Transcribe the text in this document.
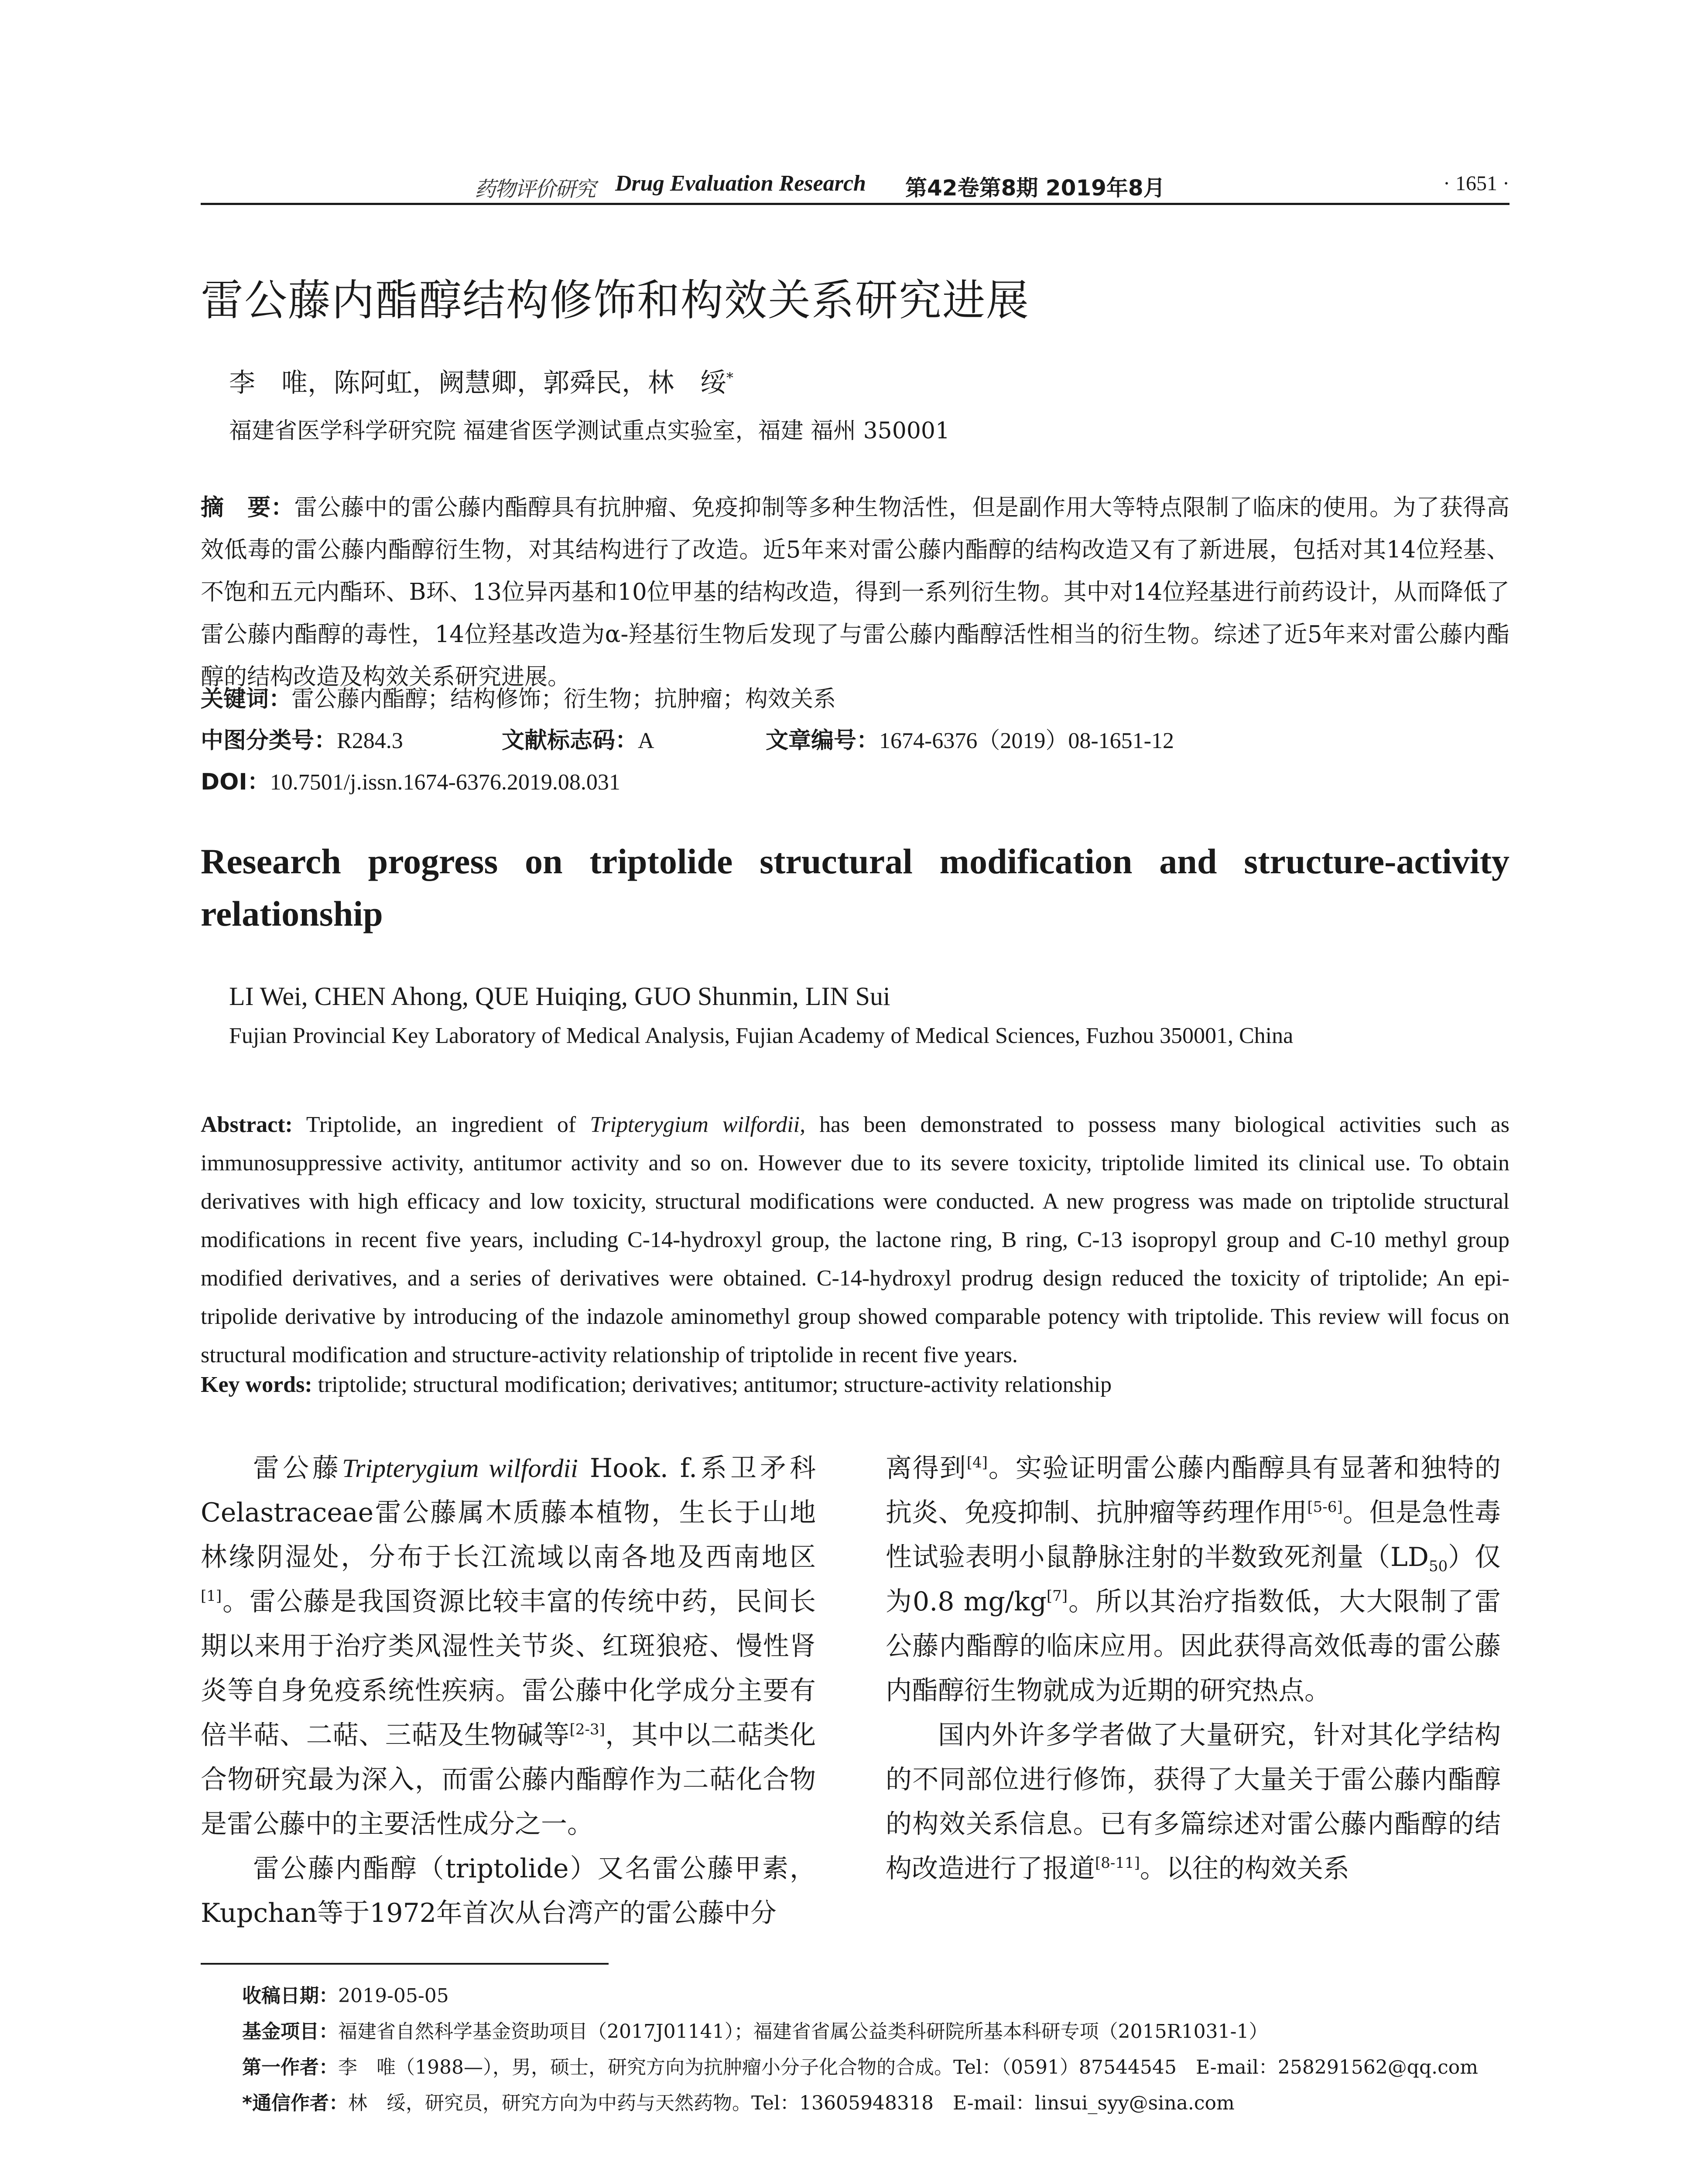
药物评价研究 Drug Evaluation Research 第42卷第8期 2019年8月	· 1651 ·
雷公藤内酯醇结构修饰和构效关系研究进展
李　唯，陈阿虹，阙慧卿，郭舜民，林　绥*
福建省医学科学研究院 福建省医学测试重点实验室，福建 福州 350001
摘　要：雷公藤中的雷公藤内酯醇具有抗肿瘤、免疫抑制等多种生物活性，但是副作用大等特点限制了临床的使用。为了获得高效低毒的雷公藤内酯醇衍生物，对其结构进行了改造。近5年来对雷公藤内酯醇的结构改造又有了新进展，包括对其14位羟基、不饱和五元内酯环、B环、13位异丙基和10位甲基的结构改造，得到一系列衍生物。其中对14位羟基进行前药设计，从而降低了雷公藤内酯醇的毒性，14位羟基改造为α-羟基衍生物后发现了与雷公藤内酯醇活性相当的衍生物。综述了近5年来对雷公藤内酯醇的结构改造及构效关系研究进展。
关键词：雷公藤内酯醇；结构修饰；衍生物；抗肿瘤；构效关系
中图分类号：R284.3	文献标志码：A	文章编号：1674-6376（2019）08-1651-12
DOI：10.7501/j.issn.1674-6376.2019.08.031
Research progress on triptolide structural modification and structure-activity relationship
LI Wei, CHEN Ahong, QUE Huiqing, GUO Shunmin, LIN Sui
Fujian Provincial Key Laboratory of Medical Analysis, Fujian Academy of Medical Sciences, Fuzhou 350001, China
Abstract: Triptolide, an ingredient of Tripterygium wilfordii, has been demonstrated to possess many biological activities such as immunosuppressive activity, antitumor activity and so on. However due to its severe toxicity, triptolide limited its clinical use. To obtain derivatives with high efficacy and low toxicity, structural modifications were conducted. A new progress was made on triptolide structural modifications in recent five years, including C-14-hydroxyl group, the lactone ring, B ring, C-13 isopropyl group and C-10 methyl group modified derivatives, and a series of derivatives were obtained. C-14-hydroxyl prodrug design reduced the toxicity of triptolide; An epi-tripolide derivative by introducing of the indazole aminomethyl group showed comparable potency with triptolide. This review will focus on structural modification and structure-activity relationship of triptolide in recent five years.
Key words: triptolide; structural modification; derivatives; antitumor; structure-activity relationship

雷公藤Tripterygium wilfordii Hook. f.系卫矛科Celastraceae雷公藤属木质藤本植物，生长于山地林缘阴湿处，分布于长江流域以南各地及西南地区[1]。雷公藤是我国资源比较丰富的传统中药，民间长期以来用于治疗类风湿性关节炎、红斑狼疮、慢性肾炎等自身免疫系统性疾病。雷公藤中化学成分主要有倍半萜、二萜、三萜及生物碱等[2-3]，其中以二萜类化合物研究最为深入，而雷公藤内酯醇作为二萜化合物是雷公藤中的主要活性成分之一。

雷公藤内酯醇（triptolide）又名雷公藤甲素，Kupchan等于1972年首次从台湾产的雷公藤中分

离得到[4]。实验证明雷公藤内酯醇具有显著和独特的抗炎、免疫抑制、抗肿瘤等药理作用[5-6]。但是急性毒性试验表明小鼠静脉注射的半数致死剂量$(LD_{50})$仅为0.8 mg/kg[7]。所以其治疗指数低，大大限制了雷公藤内酯醇的临床应用。因此获得高效低毒的雷公藤内酯醇衍生物就成为近期的研究热点。

国内外许多学者做了大量研究，针对其化学结构的不同部位进行修饰，获得了大量关于雷公藤内酯醇的构效关系信息。已有多篇综述对雷公藤内酯醇的结构改造进行了报道[8-11]。以往的构效关系

收稿日期：2019-05-05
基金项目：福建省自然科学基金资助项目（2017J01141）；福建省省属公益类科研院所基本科研专项（2015R1031-1）
第一作者：李　唯（1988—），男，硕士，研究方向为抗肿瘤小分子化合物的合成。Tel：（0591）87544545　E-mail：258291562@qq.com
*通信作者：林　绥，研究员，研究方向为中药与天然药物。Tel：13605948318　E-mail：linsui_syy@sina.com
